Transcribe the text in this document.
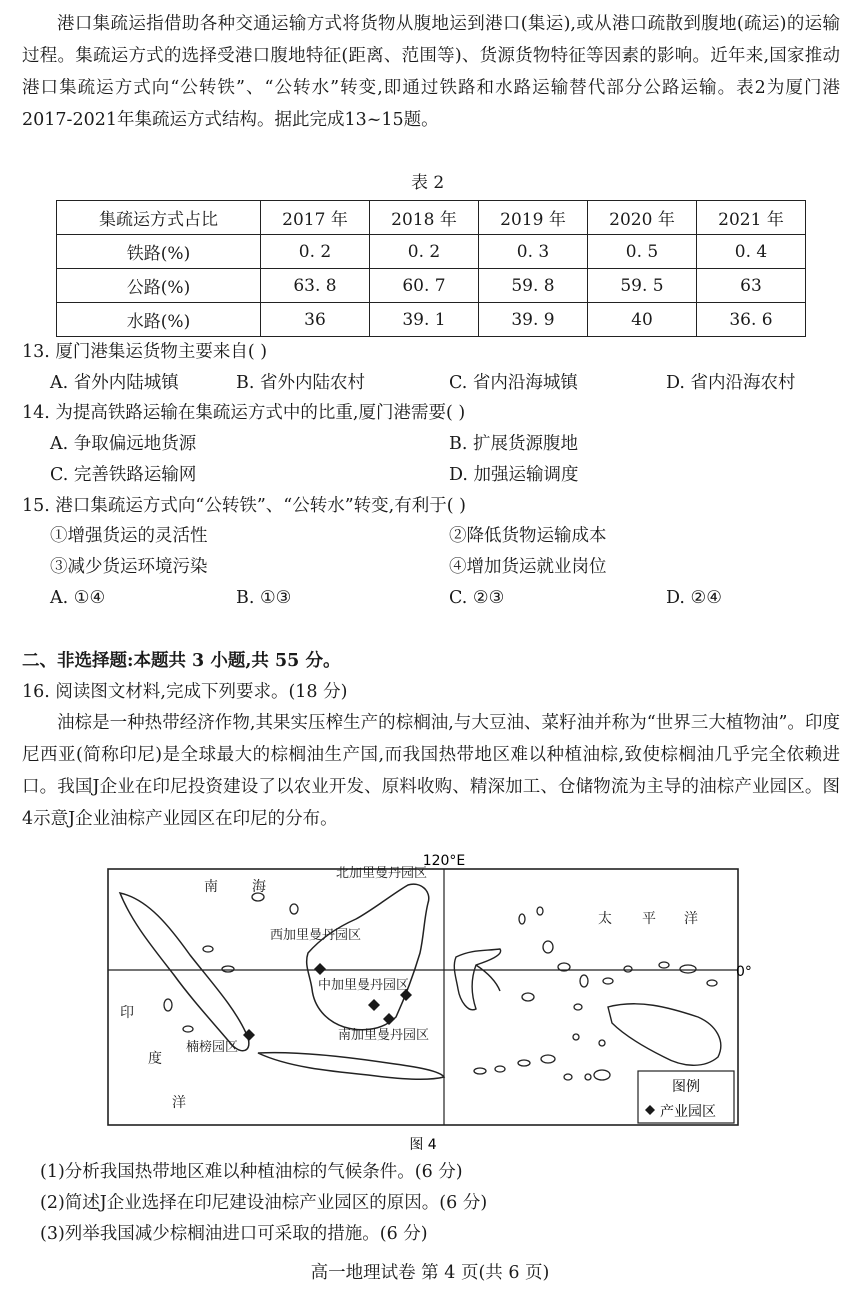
港口集疏运指借助各种交通运输方式将货物从腹地运到港口(集运),或从港口疏散到腹地(疏运)的运输过程。集疏运方式的选择受港口腹地特征(距离、范围等)、货源货物特征等因素的影响。近年来,国家推动港口集疏运方式向“公转铁”、“公转水”转变,即通过铁路和水路运输替代部分公路运输。表2为厦门港2017-2021年集疏运方式结构。据此完成13~15题。

表 2
集疏运方式占比	2017 年	2018 年	2019 年	2020 年	2021 年
铁路(%)	0. 2	0. 2	0. 3	0. 5	0. 4
公路(%)	63. 8	60. 7	59. 8	59. 5	63
水路(%)	36	39. 1	39. 9	40	36. 6
13. 厦门港集运货物主要来自( )
A. 省外内陆城镇	B. 省外内陆农村	C. 省内沿海城镇	D. 省内沿海农村
14. 为提高铁路运输在集疏运方式中的比重,厦门港需要( )
A. 争取偏远地货源	B. 扩展货源腹地
C. 完善铁路运输网	D. 加强运输调度
15. 港口集疏运方式向“公转铁”、“公转水”转变,有利于( )
①增强货运的灵活性	②降低货物运输成本
③减少货运环境污染	④增加货运就业岗位
A. ①④	B. ①③	C. ②③	D. ②④
二、非选择题:本题共 3 小题,共 55 分。
16. 阅读图文材料,完成下列要求。(18 分)

油棕是一种热带经济作物,其果实压榨生产的棕榈油,与大豆油、菜籽油并称为“世界三大植物油”。印度尼西亚(简称印尼)是全球最大的棕榈油生产国,而我国热带地区难以种植油棕,致使棕榈油几乎完全依赖进口。我国J企业在印尼投资建设了以农业开发、原料收购、精深加工、仓储物流为主导的油棕产业园区。图4示意J企业油棕产业园区在印尼的分布。

120°E
0°
南 海
太 平 洋
印
度
洋
北加里曼丹园区
西加里曼丹园区
中加里曼丹园区
南加里曼丹园区
楠榜园区
图例
产业园区
图 4
(1)分析我国热带地区难以种植油棕的气候条件。(6 分)
(2)简述J企业选择在印尼建设油棕产业园区的原因。(6 分)
(3)列举我国减少棕榈油进口可采取的措施。(6 分)
高一地理试卷 第 4 页(共 6 页)
